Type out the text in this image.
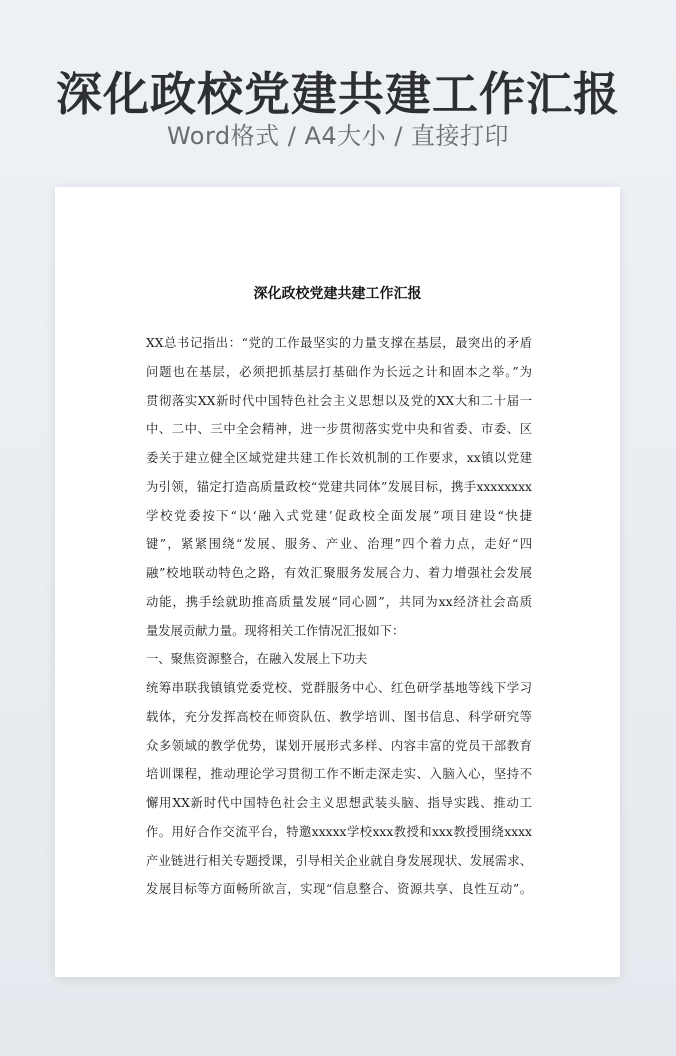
深化政校党建共建工作汇报
Word格式 / A4大小 / 直接打印
深化政校党建共建工作汇报
XX总书记指出：“党的工作最坚实的力量支撑在基层，最突出的矛盾
问题也在基层，必须把抓基层打基础作为长远之计和固本之举。”为
贯彻落实XX新时代中国特色社会主义思想以及党的XX大和二十届一
中、二中、三中全会精神，进一步贯彻落实党中央和省委、市委、区
委关于建立健全区域党建共建工作长效机制的工作要求，xx镇以党建
为引领，锚定打造高质量政校“党建共同体”发展目标，携手xxxxxxxx
学校党委按下“以‘融入式党建’促政校全面发展”项目建设“快捷
键”，紧紧围绕“发展、服务、产业、治理”四个着力点，走好“四
融”校地联动特色之路，有效汇聚服务发展合力、着力增强社会发展
动能，携手绘就助推高质量发展“同心圆”，共同为xx经济社会高质
量发展贡献力量。现将相关工作情况汇报如下：
一、聚焦资源整合，在融入发展上下功夫
统筹串联我镇镇党委党校、党群服务中心、红色研学基地等线下学习
载体，充分发挥高校在师资队伍、教学培训、图书信息、科学研究等
众多领域的教学优势，谋划开展形式多样、内容丰富的党员干部教育
培训课程，推动理论学习贯彻工作不断走深走实、入脑入心，坚持不
懈用XX新时代中国特色社会主义思想武装头脑、指导实践、推动工
作。用好合作交流平台，特邀xxxxx学校xxx教授和xxx教授围绕xxxx
产业链进行相关专题授课，引导相关企业就自身发展现状、发展需求、
发展目标等方面畅所欲言，实现“信息整合、资源共享、良性互动”。
